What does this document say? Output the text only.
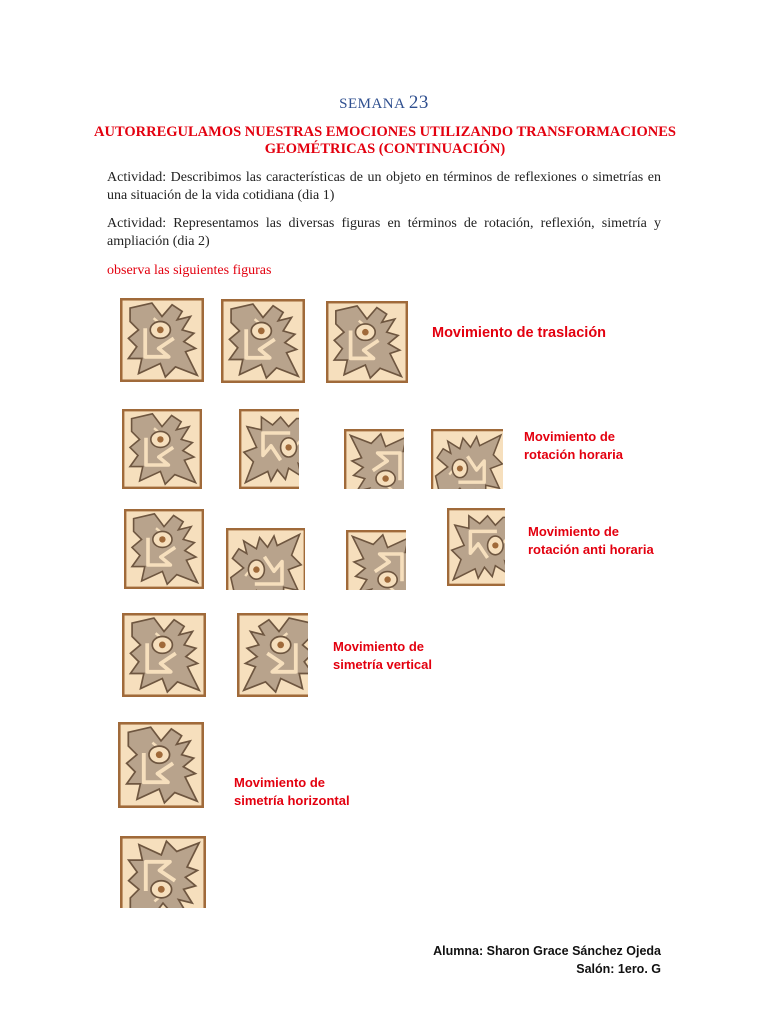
SEMANA 23
AUTORREGULAMOS NUESTRAS EMOCIONES UTILIZANDO TRANSFORMACIONES GEOMÉTRICAS (CONTINUACIÓN)
Actividad: Describimos las características de un objeto en términos de reflexiones o simetrías en una situación de la vida cotidiana (dia 1)
Actividad: Representamos las diversas figuras en términos de rotación, reflexión, simetría y ampliación (dia 2)
observa las siguientes figuras
Movimiento de traslación
Movimiento de
rotación horaria
Movimiento de
rotación anti horaria
Movimiento de
simetría vertical
Movimiento de
simetría horizontal
Alumna: Sharon Grace Sánchez Ojeda
Salón: 1ero. G
